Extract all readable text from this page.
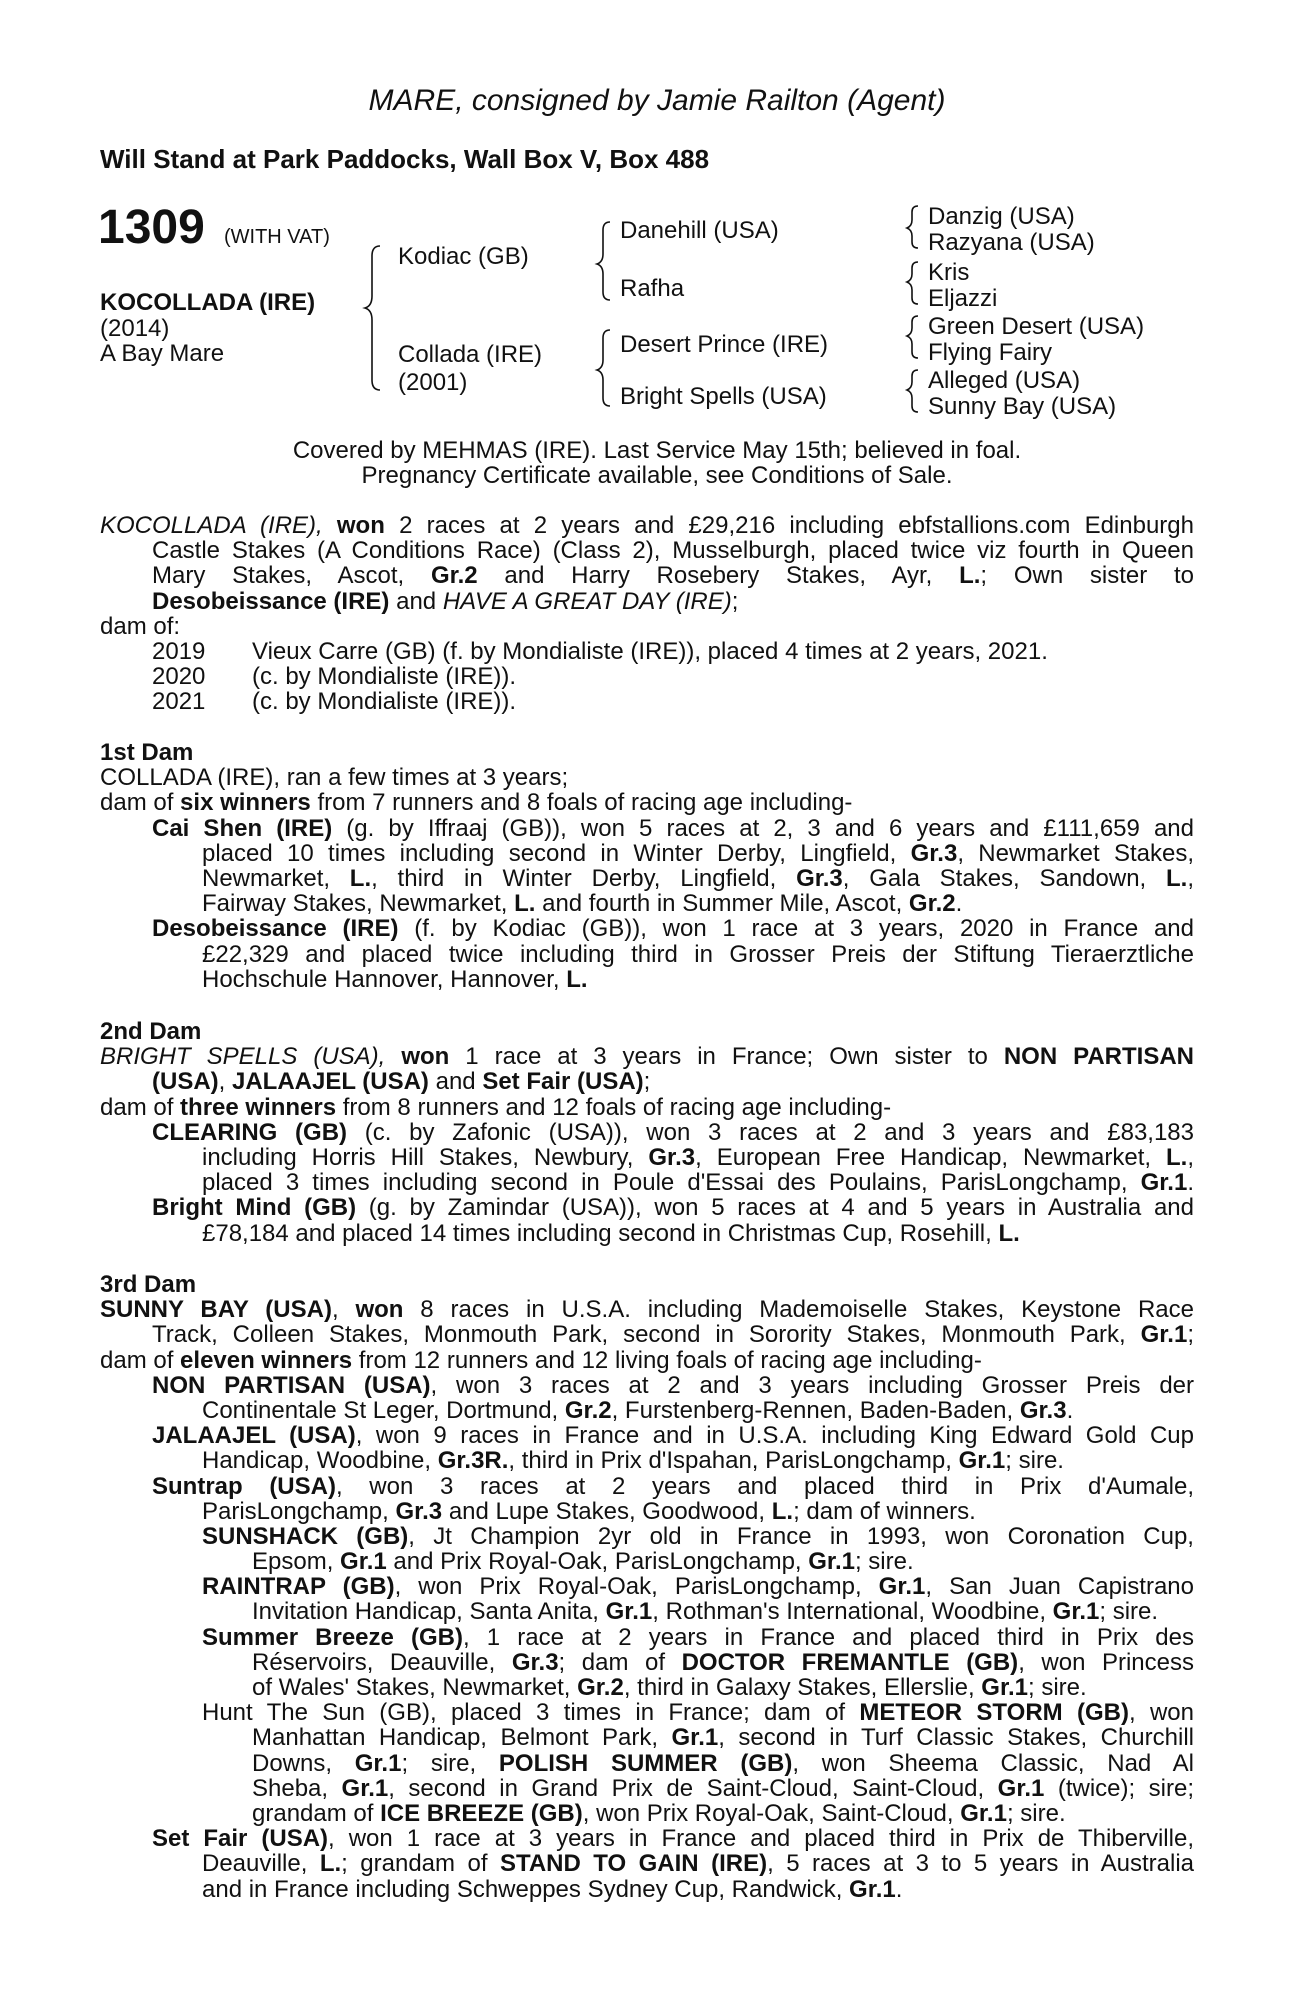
MARE, consigned by Jamie Railton (Agent)
Will Stand at Park Paddocks, Wall Box V, Box 488
1309 (WITH VAT)
KOCOLLADA (IRE)
(2014)
A Bay Mare
Kodiac (GB)
Collada (IRE)
(2001)
Danehill (USA)
Rafha
Desert Prince (IRE)
Bright Spells (USA)
Danzig (USA)
Razyana (USA)
Kris
Eljazzi
Green Desert (USA)
Flying Fairy
Alleged (USA)
Sunny Bay (USA)
Covered by MEHMAS (IRE). Last Service May 15th; believed in foal.
Pregnancy Certificate available, see Conditions of Sale.
KOCOLLADA (IRE), won 2 races at 2 years and £29,216 including ebfstallions.com Edinburgh
Castle Stakes (A Conditions Race) (Class 2), Musselburgh, placed twice viz fourth in Queen
Mary Stakes, Ascot, Gr.2 and Harry Rosebery Stakes, Ayr, L.; Own sister to
Desobeissance (IRE) and HAVE A GREAT DAY (IRE);
dam of:
2019 Vieux Carre (GB) (f. by Mondialiste (IRE)), placed 4 times at 2 years, 2021.
2020 (c. by Mondialiste (IRE)).
2021 (c. by Mondialiste (IRE)).
1st Dam
COLLADA (IRE), ran a few times at 3 years;
dam of six winners from 7 runners and 8 foals of racing age including-
Cai Shen (IRE) (g. by Iffraaj (GB)), won 5 races at 2, 3 and 6 years and £111,659 and
placed 10 times including second in Winter Derby, Lingfield, Gr.3, Newmarket Stakes,
Newmarket, L., third in Winter Derby, Lingfield, Gr.3, Gala Stakes, Sandown, L.,
Fairway Stakes, Newmarket, L. and fourth in Summer Mile, Ascot, Gr.2.
Desobeissance (IRE) (f. by Kodiac (GB)), won 1 race at 3 years, 2020 in France and
£22,329 and placed twice including third in Grosser Preis der Stiftung Tieraerztliche
Hochschule Hannover, Hannover, L.
2nd Dam
BRIGHT SPELLS (USA), won 1 race at 3 years in France; Own sister to NON PARTISAN
(USA), JALAAJEL (USA) and Set Fair (USA);
dam of three winners from 8 runners and 12 foals of racing age including-
CLEARING (GB) (c. by Zafonic (USA)), won 3 races at 2 and 3 years and £83,183
including Horris Hill Stakes, Newbury, Gr.3, European Free Handicap, Newmarket, L.,
placed 3 times including second in Poule d'Essai des Poulains, ParisLongchamp, Gr.1.
Bright Mind (GB) (g. by Zamindar (USA)), won 5 races at 4 and 5 years in Australia and
£78,184 and placed 14 times including second in Christmas Cup, Rosehill, L.
3rd Dam
SUNNY BAY (USA), won 8 races in U.S.A. including Mademoiselle Stakes, Keystone Race
Track, Colleen Stakes, Monmouth Park, second in Sorority Stakes, Monmouth Park, Gr.1;
dam of eleven winners from 12 runners and 12 living foals of racing age including-
NON PARTISAN (USA), won 3 races at 2 and 3 years including Grosser Preis der
Continentale St Leger, Dortmund, Gr.2, Furstenberg-Rennen, Baden-Baden, Gr.3.
JALAAJEL (USA), won 9 races in France and in U.S.A. including King Edward Gold Cup
Handicap, Woodbine, Gr.3R., third in Prix d'Ispahan, ParisLongchamp, Gr.1; sire.
Suntrap (USA), won 3 races at 2 years and placed third in Prix d'Aumale,
ParisLongchamp, Gr.3 and Lupe Stakes, Goodwood, L.; dam of winners.
SUNSHACK (GB), Jt Champion 2yr old in France in 1993, won Coronation Cup,
Epsom, Gr.1 and Prix Royal-Oak, ParisLongchamp, Gr.1; sire.
RAINTRAP (GB), won Prix Royal-Oak, ParisLongchamp, Gr.1, San Juan Capistrano
Invitation Handicap, Santa Anita, Gr.1, Rothman's International, Woodbine, Gr.1; sire.
Summer Breeze (GB), 1 race at 2 years in France and placed third in Prix des
Réservoirs, Deauville, Gr.3; dam of DOCTOR FREMANTLE (GB), won Princess
of Wales' Stakes, Newmarket, Gr.2, third in Galaxy Stakes, Ellerslie, Gr.1; sire.
Hunt The Sun (GB), placed 3 times in France; dam of METEOR STORM (GB), won
Manhattan Handicap, Belmont Park, Gr.1, second in Turf Classic Stakes, Churchill
Downs, Gr.1; sire, POLISH SUMMER (GB), won Sheema Classic, Nad Al
Sheba, Gr.1, second in Grand Prix de Saint-Cloud, Saint-Cloud, Gr.1 (twice); sire;
grandam of ICE BREEZE (GB), won Prix Royal-Oak, Saint-Cloud, Gr.1; sire.
Set Fair (USA), won 1 race at 3 years in France and placed third in Prix de Thiberville,
Deauville, L.; grandam of STAND TO GAIN (IRE), 5 races at 3 to 5 years in Australia
and in France including Schweppes Sydney Cup, Randwick, Gr.1.
